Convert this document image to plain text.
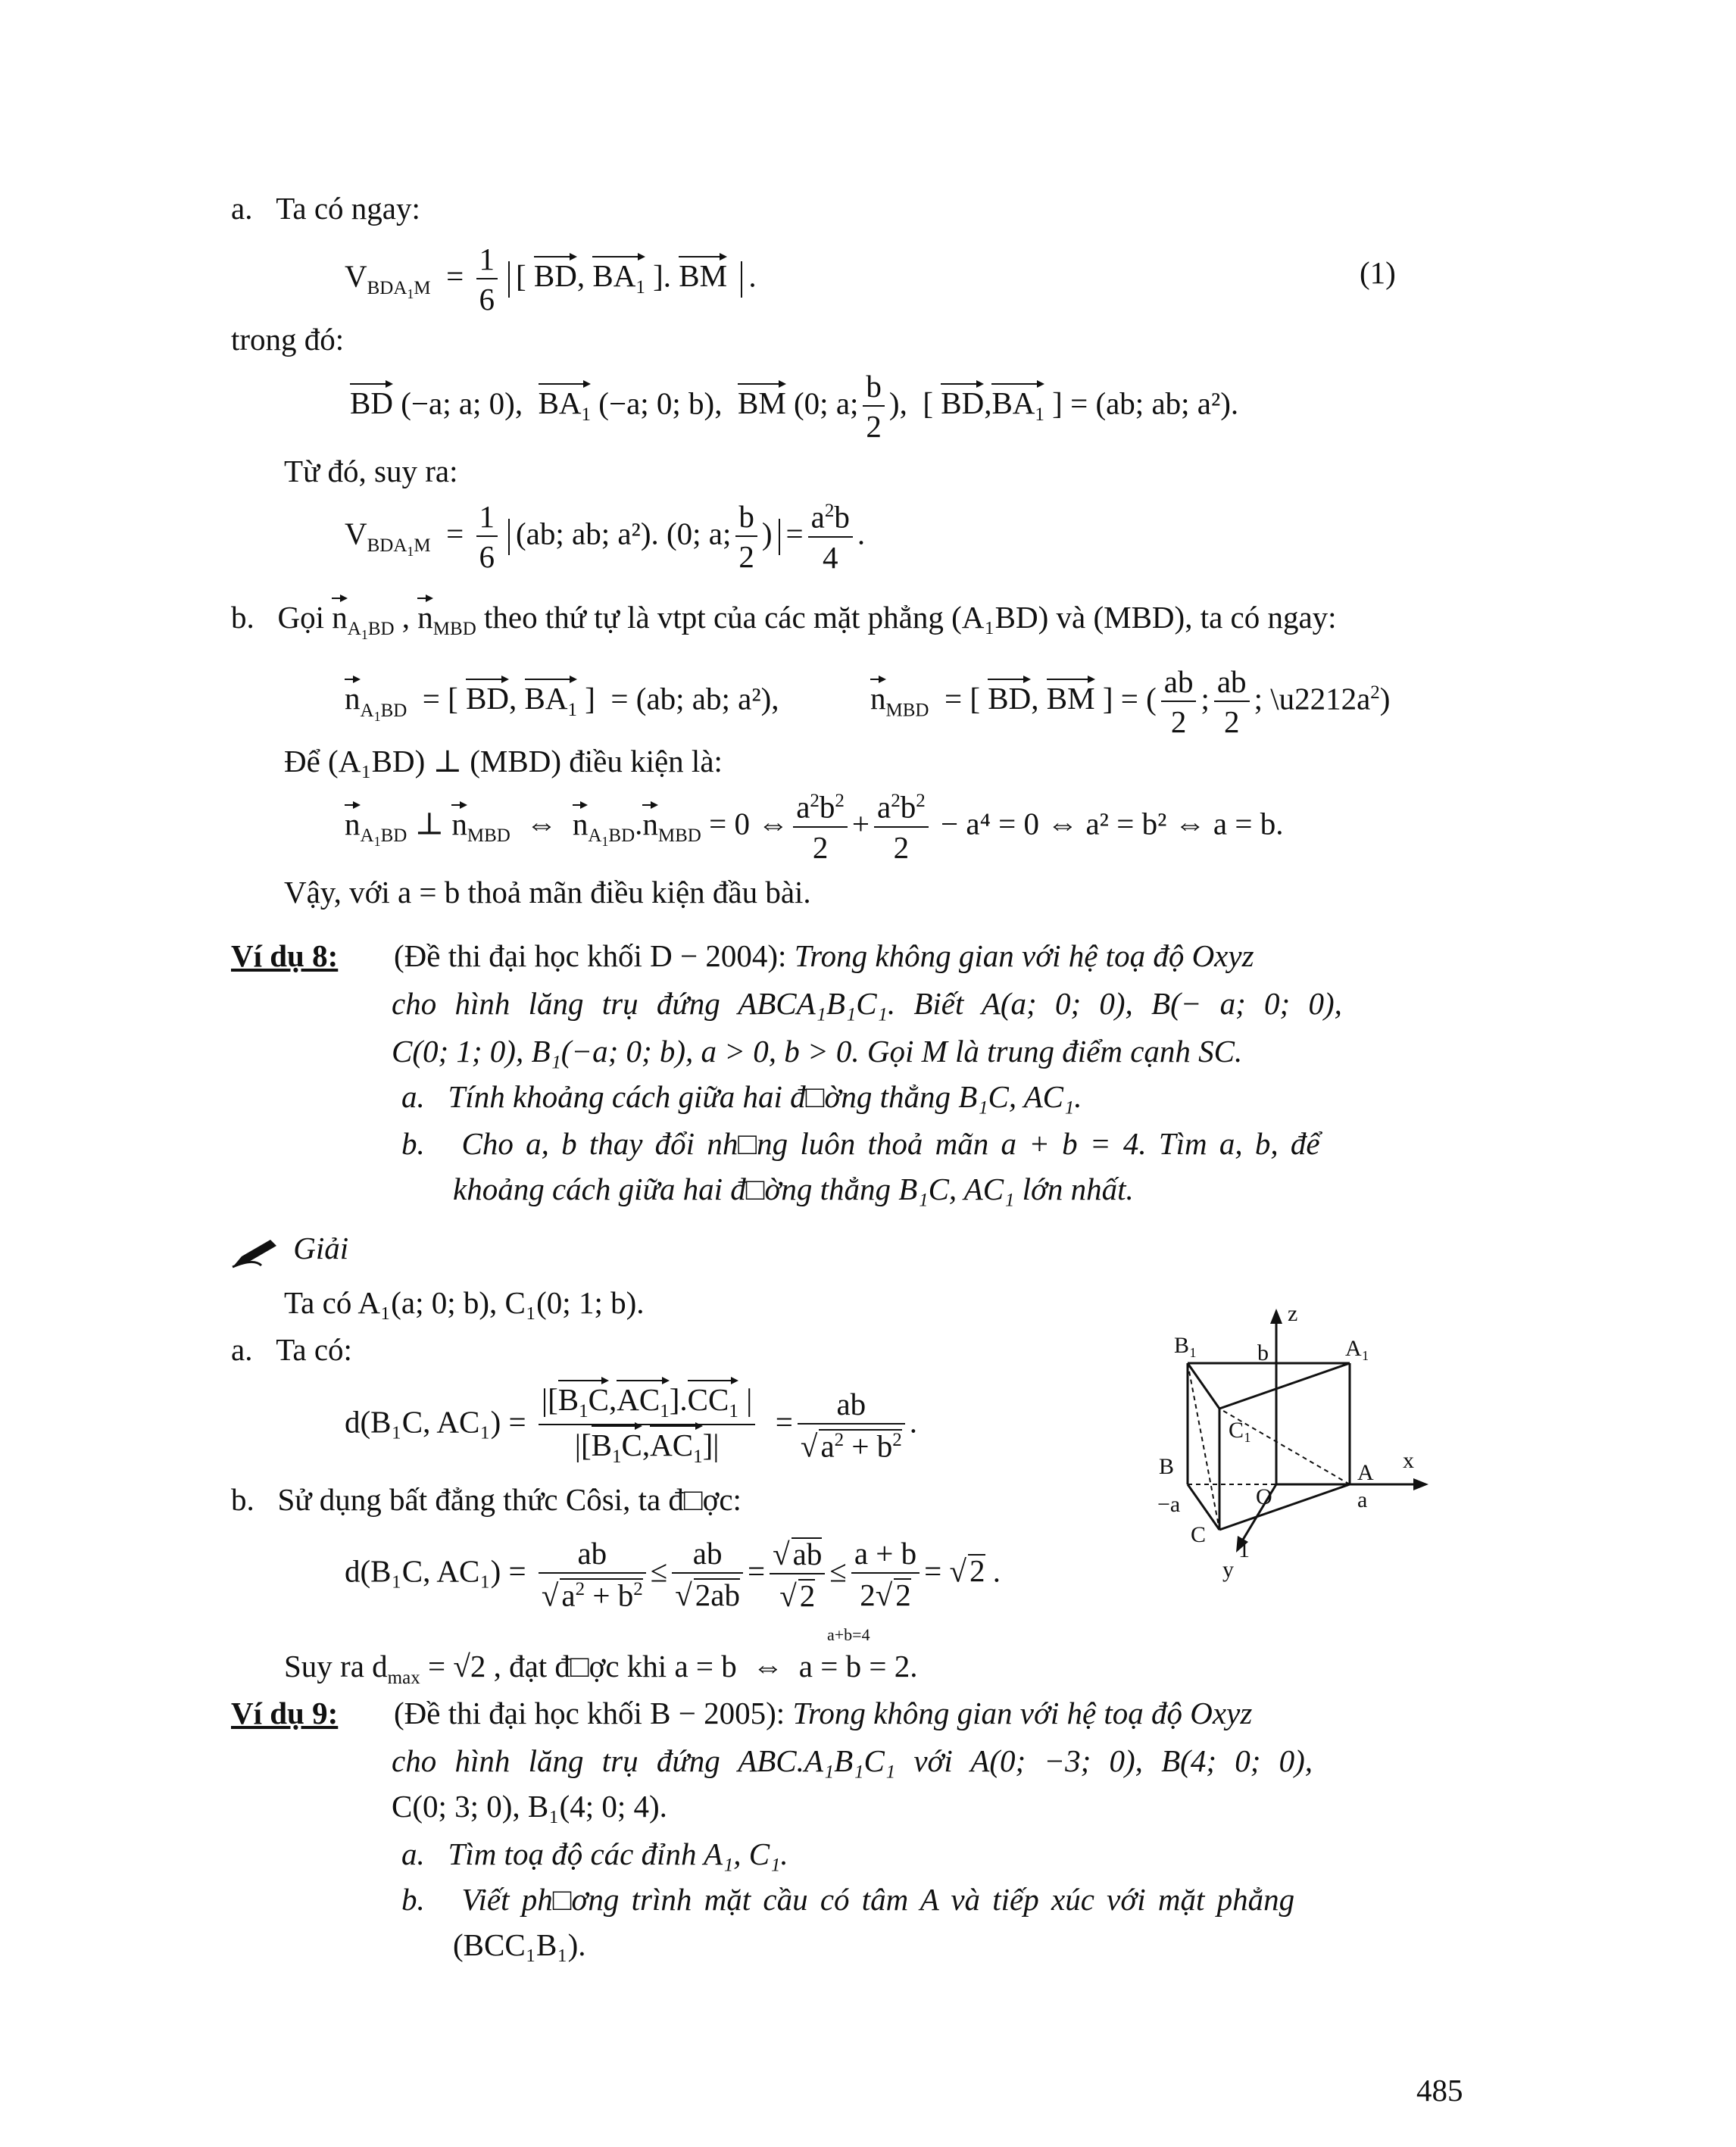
a.   Ta có ngay:
$V_{BDA_1M} = \frac{1}{6}$ [ BD, $BA_1$ ]. BM .	(1)
trong đó:
BD (−a; a; 0), $BA_1$ (−a; 0; b), BM (0; a; $\frac{b}{2}$ ),  [ $BD,BA_1$ ] = (ab; ab; a²).
Từ đó, suy ra:
$V_{BDA_1M} = \frac{1}{6} (ab$; ab; a²). (0; a; $\frac{b}{2}$ ) = $\frac{a^2b}{4}$ .
b.   Gọi $n_{A_1BD}$ , $n_{MBD}$ theo thứ tự là vtpt của các mặt phẳng (A₁BD) và (MBD), ta có ngay:
$n_{A_1BD}$  = [ BD, $BA_1$ ]  = (ab; ab; a²),	$n_{MBD}$  = [ BD, BM ] = ( $\frac{ab}{2}$ ; $\frac{ab}{2}$ ; $\backslash u2212a^2$)
Để (A₁BD) ⊥ (MBD) điều kiện là:
$n_{A_1BD}$ ⊥ $n_{MBD}$  ⇔  $n_{A_1BD}.n_{MBD} = 0$ ⇔ $\frac{a^2b^2}{2} + \frac{a^2b^2}{2} - a^4 = 0$ ⇔ a² = b² ⇔ a = b.
Vậy, với a = b thoả mãn điều kiện đầu bài.
Ví dụ 8: (Đề thi đại học khối D − 2004): Trong không gian với hệ toạ độ Oxyz
cho hình lăng trụ đứng ABCA₁B₁C₁. Biết A(a; 0; 0), B(− a; 0; 0),
C(0; 1; 0), B₁(−a; 0; b), a > 0, b > 0. Gọi M là trung điểm cạnh SC.
a.   Tính khoảng cách giữa hai đ□ờng thẳng B₁C, AC₁.
b.   Cho a, b thay đổi nh□ng luôn thoả mãn a + b = 4. Tìm a, b, để
khoảng cách giữa hai đ□ờng thẳng B₁C, AC₁ lớn nhất.
Giải
Ta có A₁(a; 0; b), C₁(0; 1; b).
a.   Ta có:
d(B₁C, $AC_1) = \frac{|[B_1C,AC_1].CC_1 |}{|[B_1C,AC_1]|} = \frac{ab}{√a^2 + b^2}$ .
b.   Sử dụng bất đẳng thức Côsi, ta đ□ợc:
d(B₁C, $AC_1) = \frac{ab}{√a^2 + b^2} \le \frac{ab}{√2ab} = \frac{√ab}{√2} \le \frac{a + b}{2√2} = √2$ .
a+b=4
Suy ra $d_{max} = √2$ , đạt đ□ợc khi a = b  ⇔  a = b = 2.
Ví dụ 9: (Đề thi đại học khối B − 2005): Trong không gian với hệ toạ độ Oxyz
cho hình lăng trụ đứng ABC.A₁B₁C₁ với A(0; −3; 0), B(4; 0; 0),
C(0; 3; 0), B₁(4; 0; 4).
a.   Tìm toạ độ các đỉnh A₁, C₁.
b.   Viết ph□ơng trình mặt cầu có tâm A và tiếp xúc với mặt phẳng
(BCC₁B₁).
485
z
B₁	b	A₁
C₁
B	A x
−a	a
O
C
1
y
